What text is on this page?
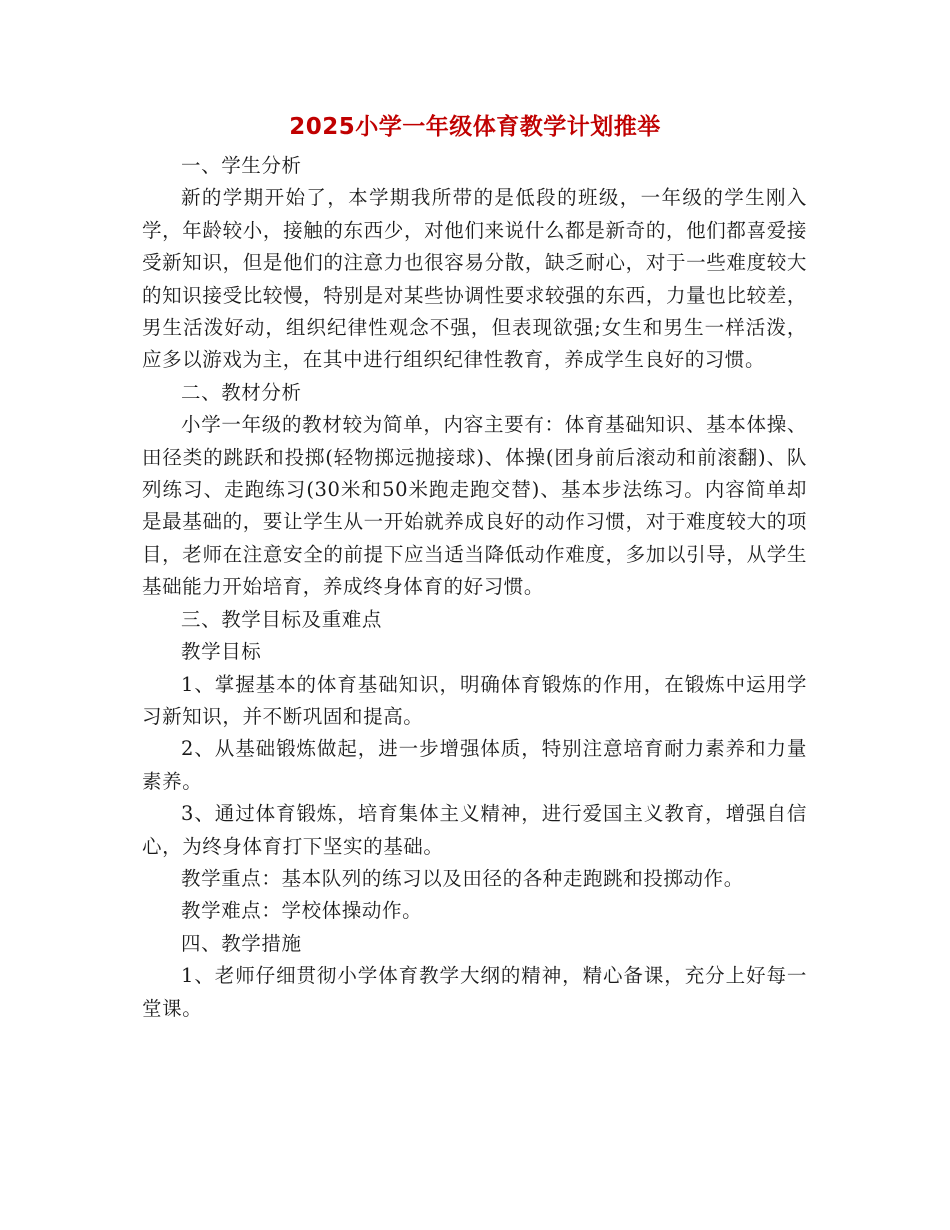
2025小学一年级体育教学计划推举

一、学生分析

新的学期开始了，本学期我所带的是低段的班级，一年级的学生刚入学，年龄较小，接触的东西少，对他们来说什么都是新奇的，他们都喜爱接受新知识，但是他们的注意力也很容易分散，缺乏耐心，对于一些难度较大的知识接受比较慢，特别是对某些协调性要求较强的东西，力量也比较差，男生活泼好动，组织纪律性观念不强，但表现欲强;女生和男生一样活泼，应多以游戏为主，在其中进行组织纪律性教育，养成学生良好的习惯。

二、教材分析

小学一年级的教材较为简单，内容主要有：体育基础知识、基本体操、田径类的跳跃和投掷(轻物掷远抛接球)、体操(团身前后滚动和前滚翻)、队列练习、走跑练习(30米和50米跑走跑交替)、基本步法练习。内容简单却是最基础的，要让学生从一开始就养成良好的动作习惯，对于难度较大的项目，老师在注意安全的前提下应当适当降低动作难度，多加以引导，从学生基础能力开始培育，养成终身体育的好习惯。

三、教学目标及重难点

教学目标

1、掌握基本的体育基础知识，明确体育锻炼的作用，在锻炼中运用学习新知识，并不断巩固和提高。

2、从基础锻炼做起，进一步增强体质，特别注意培育耐力素养和力量素养。

3、通过体育锻炼，培育集体主义精神，进行爱国主义教育，增强自信心，为终身体育打下坚实的基础。

教学重点：基本队列的练习以及田径的各种走跑跳和投掷动作。

教学难点：学校体操动作。

四、教学措施

1、老师仔细贯彻小学体育教学大纲的精神，精心备课，充分上好每一堂课。
